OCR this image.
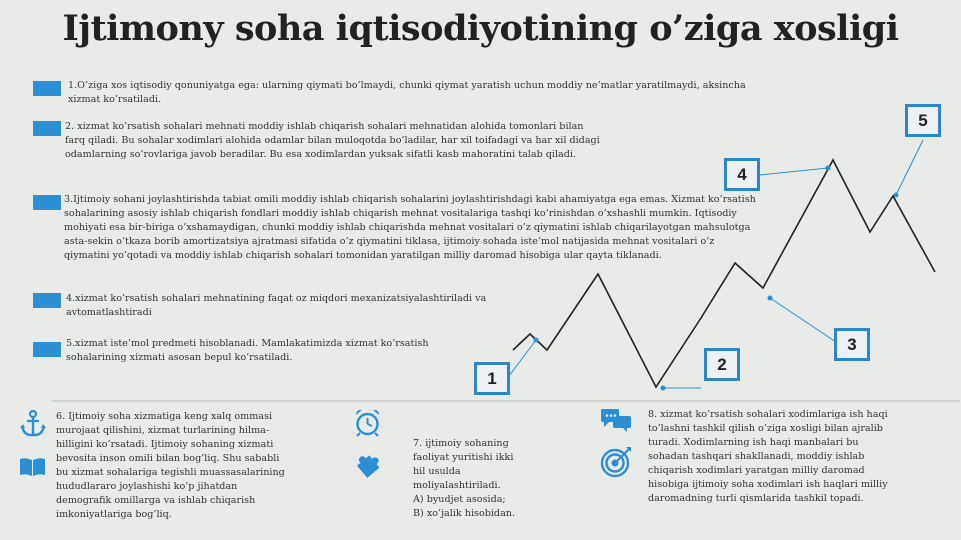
Ijtimony soha iqtisodiyotining o’ziga xosligi
1
2
3
4
5
1.O’ziga xos iqtisodiy qonuniyatga ega: ularning qiymati bo’lmaydi, chunki qiymat yaratish uchun moddiy ne’matlar yaratilmaydi, aksincha xizmat ko’rsatiladi.
2. xizmat ko’rsatish sohalari mehnati moddiy ishlab chiqarish sohalari mehnatidan alohida tomonlari bilan farq qiladi. Bu sohalar xodimlari alohida odamlar bilan muloqotda bo’ladilar, har xil toifadagi va har xil didagi odamlarning so’rovlariga javob beradilar. Bu esa xodimlardan yuksak sifatli kasb mahoratini talab qiladi.
3.Ijtimoiy sohani joylashtirishda tabiat omili moddiy ishlab chiqarish sohalarini joylashtirishdagi kabi ahamiyatga ega emas. Xizmat ko’rsatish sohalarining asosiy ishlab chiqarish fondlari moddiy ishlab chiqarish mehnat vositalariga tashqi ko’rinishdan o’xshashli mumkin. Iqtisodiy mohiyati esa bir-biriga o’xshamaydigan, chunki moddiy ishlab chiqarishda mehnat vositalari o’z qiymatini ishlab chiqarilayotgan mahsulotga asta-sekin o’tkaza borib amortizatsiya ajratmasi sifatida o’z qiymatini tiklasa, ijtimoiy sohada iste’mol natijasida mehnat vositalari o’z qiymatini yo’qotadi va moddiy ishlab chiqarish sohalari tomonidan yaratilgan milliy daromad hisobiga ular qayta tiklanadi.
4.xizmat ko’rsatish sohalari mehnatining faqat oz miqdori mexanizatsiyalashtiriladi va avtomatlashtiradi
5.xizmat iste’mol predmeti hisoblanadi. Mamlakatimizda xizmat ko’rsatish sohalarining xizmati asosan bepul ko’rsatiladi.
6. Ijtimoiy soha xizmatiga keng xalq ommasi murojaat qilishini, xizmat turlarining hilma-hilligini ko’rsatadi. Ijtimoiy sohaning xizmati bevosita inson omili bilan bog’liq. Shu sababli bu xizmat sohalariga tegishli muassasalarining hududlararo joylashishi ko’p jihatdan demografik omillarga va ishlab chiqarish imkoniyatlariga bog’liq.
7. ijtimoiy sohaning
faoliyat yuritishi ikki
hil usulda
moliyalashtiriladi.
A) byudjet asosida;
B) xo’jalik hisobidan.
8. xizmat ko’rsatish sohalari xodimlariga ish haqi to’lashni tashkil qilish o’ziga xosligi bilan ajralib turadi. Xodimlarning ish haqi manbalari bu sohadan tashqari shakllanadi, moddiy ishlab chiqarish xodimlari yaratgan milliy daromad hisobiga ijtimoiy soha xodimlari ish haqlari milliy daromadning turli qismlarida tashkil topadi.
